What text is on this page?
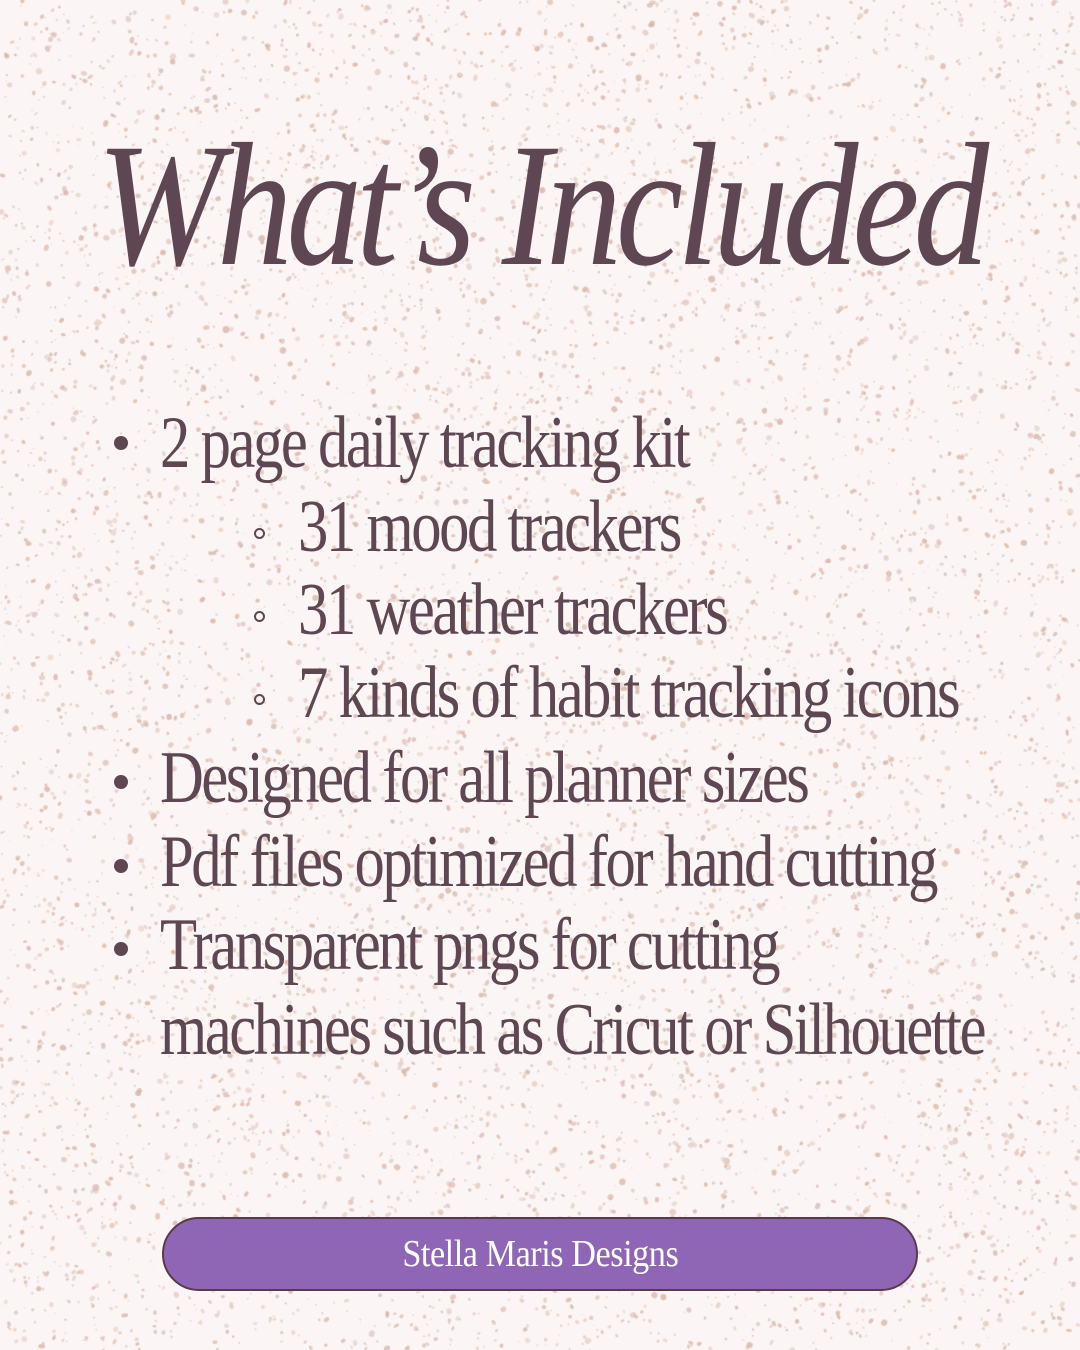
What’s Included
2 page daily tracking kit
31 mood trackers
31 weather trackers
7 kinds of habit tracking icons
Designed for all planner sizes
Pdf files optimized for hand cutting
Transparent pngs for cutting
machines such as Cricut or Silhouette
Stella Maris Designs
